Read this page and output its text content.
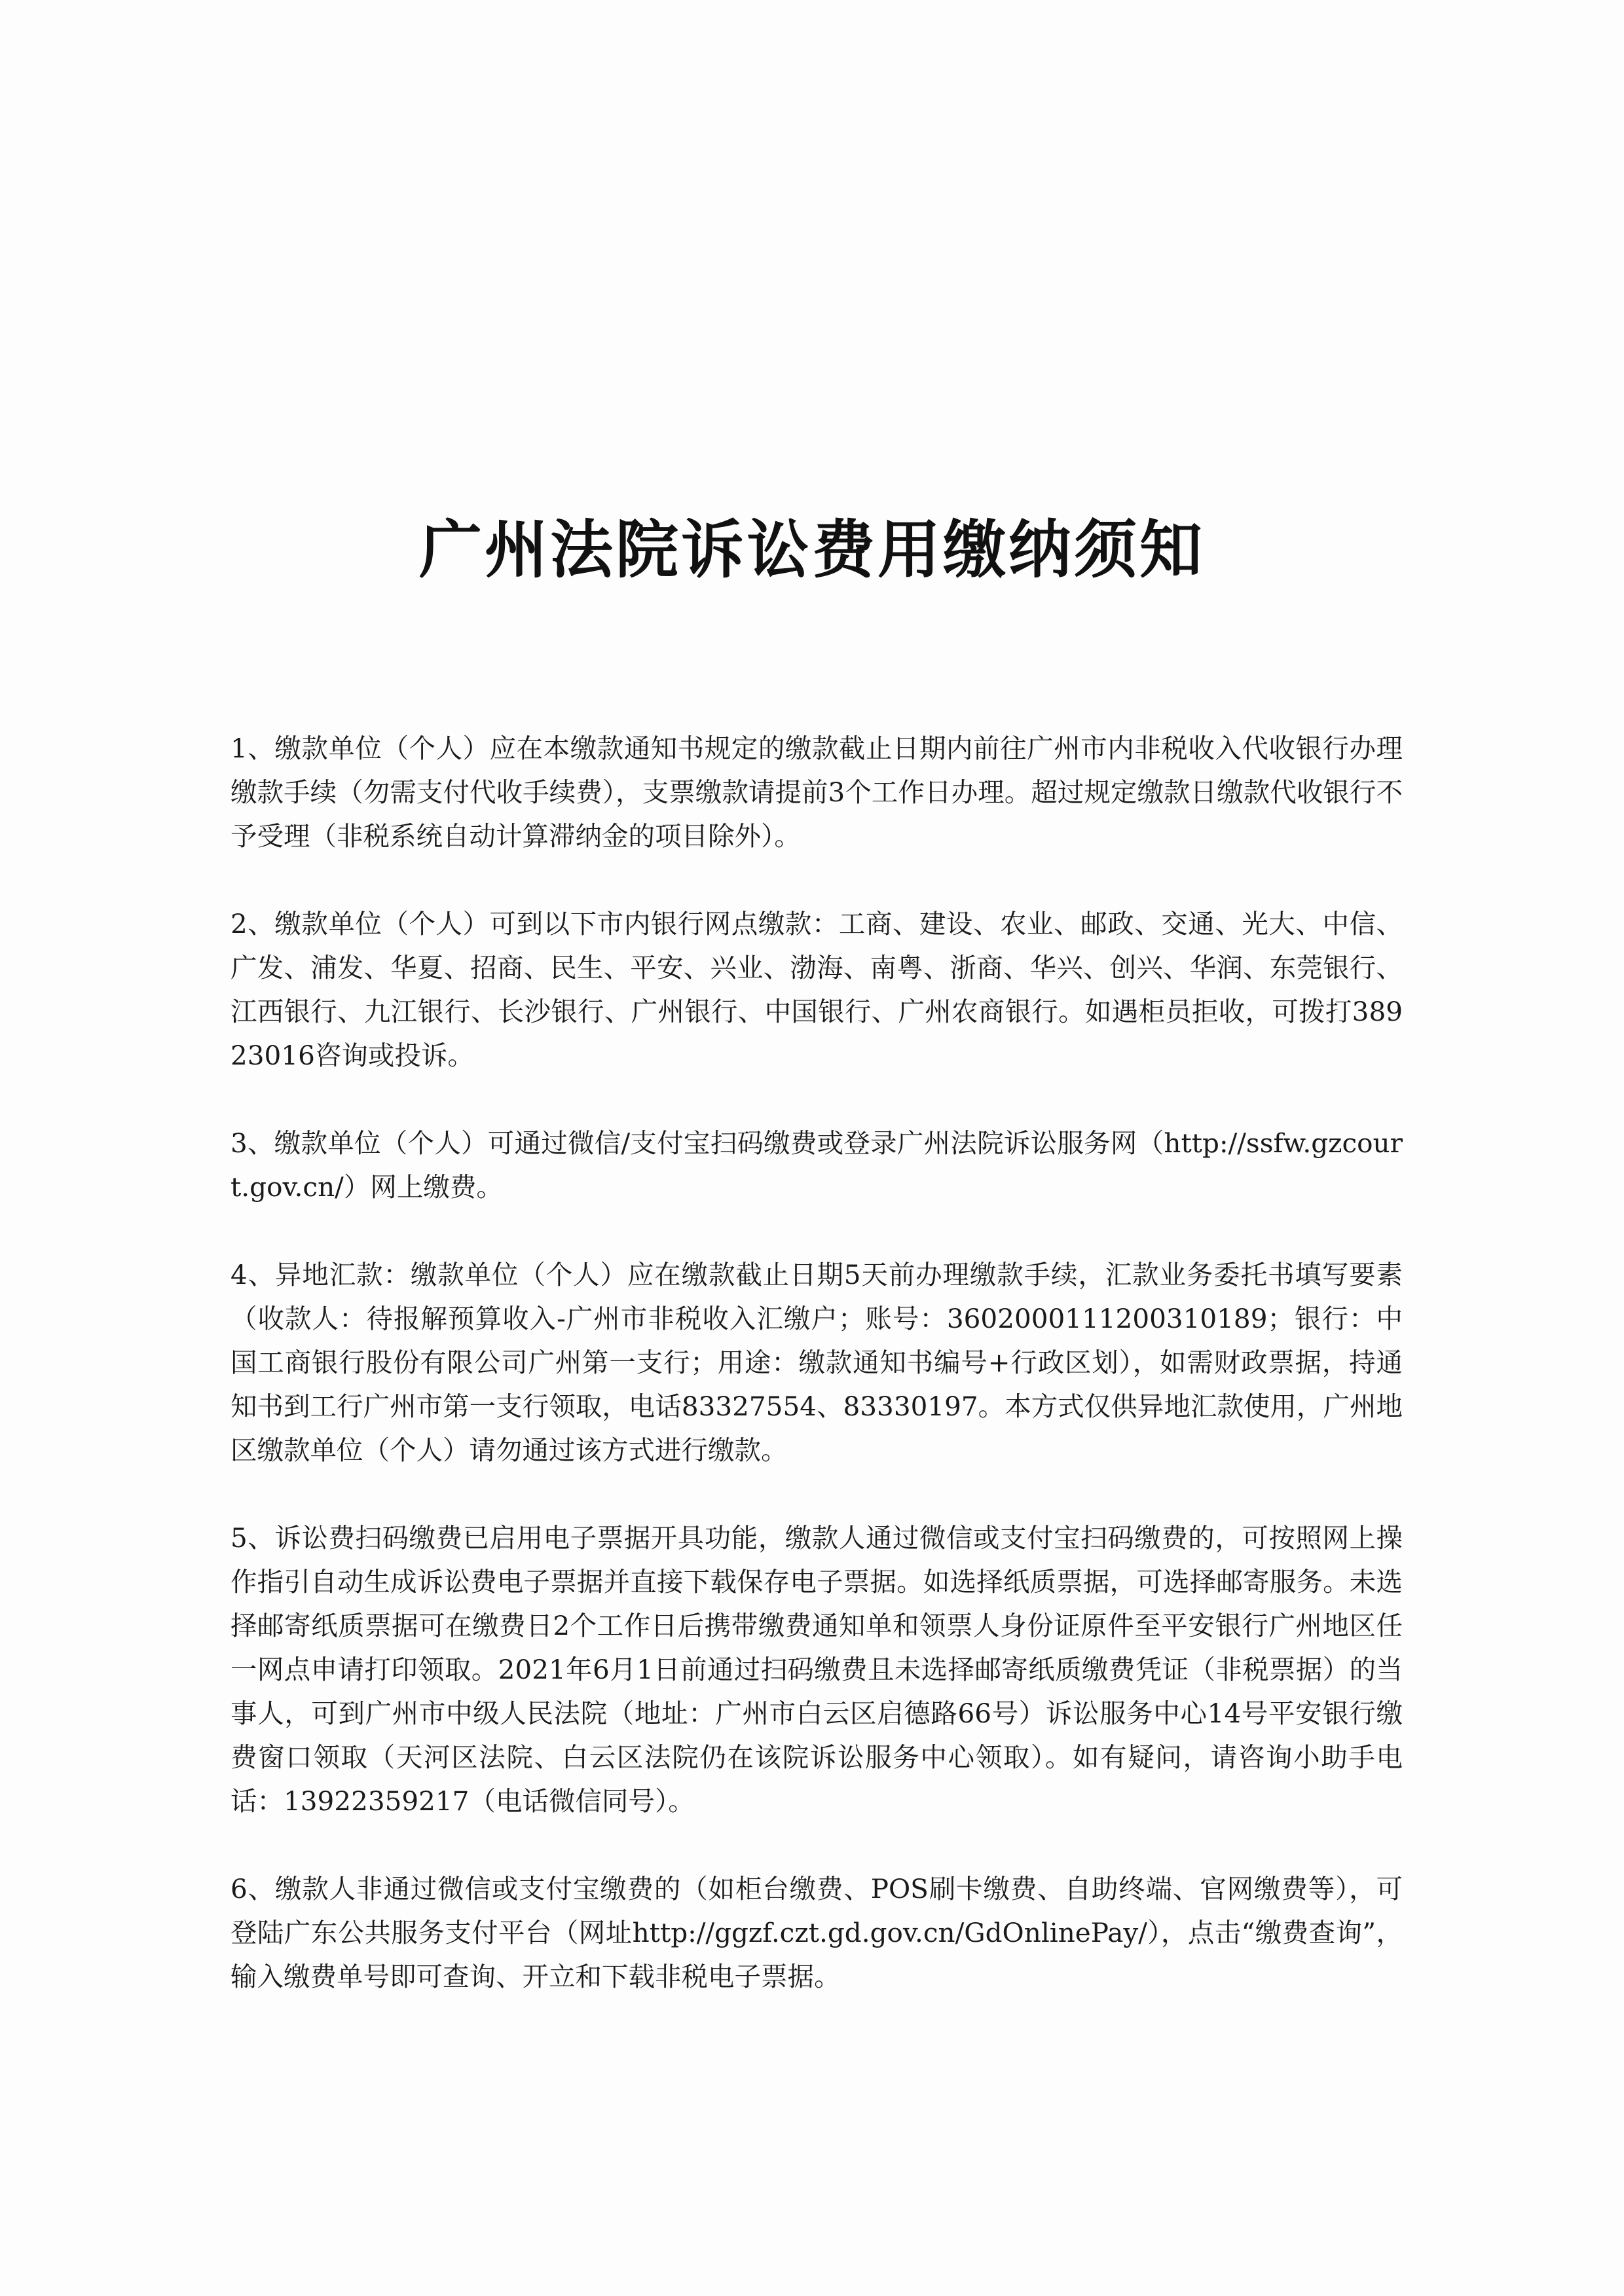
广州法院诉讼费用缴纳须知

1、缴款单位（个人）应在本缴款通知书规定的缴款截止日期内前往广州市内非税收入代收银行办理缴款手续（勿需支付代收手续费），支票缴款请提前3个工作日办理。超过规定缴款日缴款代收银行不予受理（非税系统自动计算滞纳金的项目除外）。

2、缴款单位（个人）可到以下市内银行网点缴款：工商、建设、农业、邮政、交通、光大、中信、广发、浦发、华夏、招商、民生、平安、兴业、渤海、南粤、浙商、华兴、创兴、华润、东莞银行、江西银行、九江银行、长沙银行、广州银行、中国银行、广州农商银行。如遇柜员拒收，可拨打38923016咨询或投诉。

3、缴款单位（个人）可通过微信/支付宝扫码缴费或登录广州法院诉讼服务网（http://ssfw.gzcourt.gov.cn/）网上缴费。

4、异地汇款：缴款单位（个人）应在缴款截止日期5天前办理缴款手续，汇款业务委托书填写要素（收款人：待报解预算收入-广州市非税收入汇缴户；账号：3602000111200310189；银行：中国工商银行股份有限公司广州第一支行；用途：缴款通知书编号+行政区划），如需财政票据，持通知书到工行广州市第一支行领取，电话83327554、83330197。本方式仅供异地汇款使用，广州地区缴款单位（个人）请勿通过该方式进行缴款。

5、诉讼费扫码缴费已启用电子票据开具功能，缴款人通过微信或支付宝扫码缴费的，可按照网上操作指引自动生成诉讼费电子票据并直接下载保存电子票据。如选择纸质票据，可选择邮寄服务。未选择邮寄纸质票据可在缴费日2个工作日后携带缴费通知单和领票人身份证原件至平安银行广州地区任一网点申请打印领取。2021年6月1日前通过扫码缴费且未选择邮寄纸质缴费凭证（非税票据）的当事人，可到广州市中级人民法院（地址：广州市白云区启德路66号）诉讼服务中心14号平安银行缴费窗口领取（天河区法院、白云区法院仍在该院诉讼服务中心领取）。如有疑问，请咨询小助手电话：13922359217（电话微信同号）。

6、缴款人非通过微信或支付宝缴费的（如柜台缴费、POS刷卡缴费、自助终端、官网缴费等），可登陆广东公共服务支付平台（网址http://ggzf.czt.gd.gov.cn/GdOnlinePay/），点击“缴费查询”，输入缴费单号即可查询、开立和下载非税电子票据。
